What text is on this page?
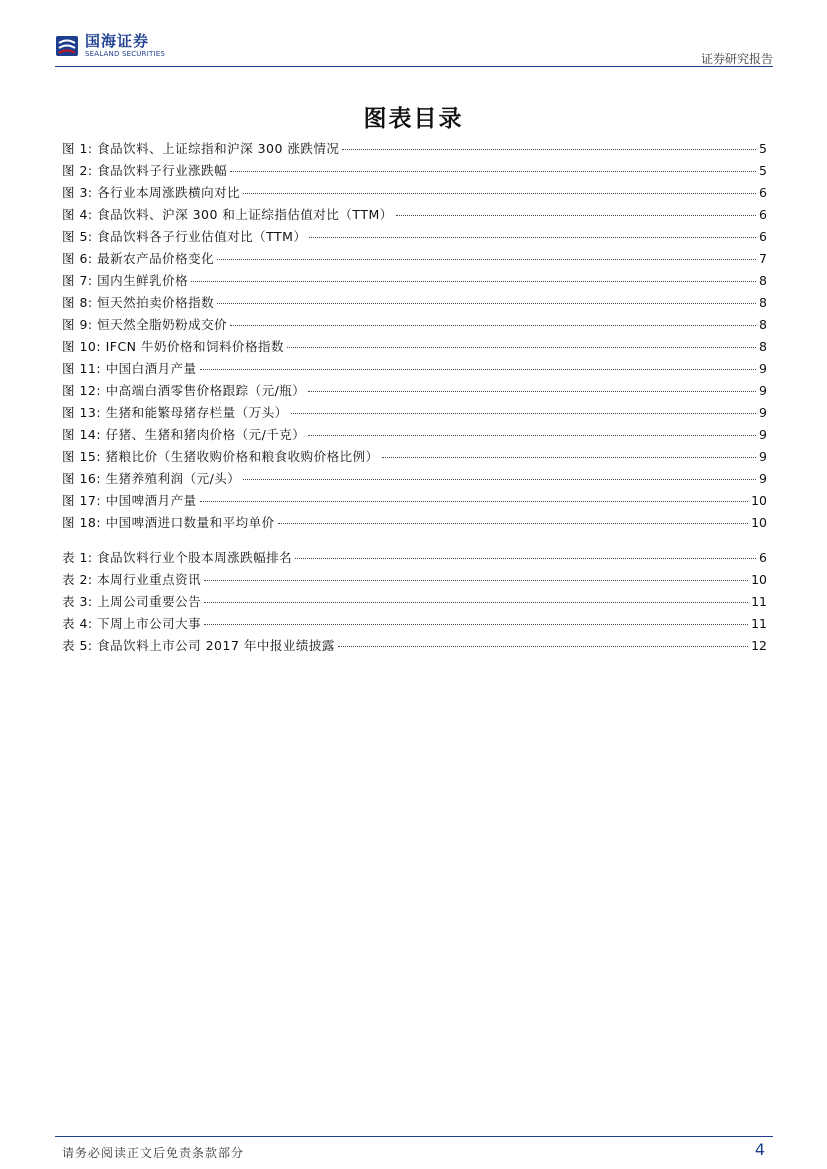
国海证券
SEALAND SECURITIES	证券研究报告
图表目录
图 1: 食品饮料、上证综指和沪深 300 涨跌情况	5
图 2: 食品饮料子行业涨跌幅	5
图 3: 各行业本周涨跌横向对比	6
图 4: 食品饮料、沪深 300 和上证综指估值对比（TTM）	6
图 5: 食品饮料各子行业估值对比（TTM）	6
图 6: 最新农产品价格变化	7
图 7: 国内生鲜乳价格	8
图 8: 恒天然拍卖价格指数	8
图 9: 恒天然全脂奶粉成交价	8
图 10: IFCN 牛奶价格和饲料价格指数	8
图 11: 中国白酒月产量	9
图 12: 中高端白酒零售价格跟踪（元/瓶）	9
图 13: 生猪和能繁母猪存栏量（万头）	9
图 14: 仔猪、生猪和猪肉价格（元/千克）	9
图 15: 猪粮比价（生猪收购价格和粮食收购价格比例）	9
图 16: 生猪养殖利润（元/头）	9
图 17: 中国啤酒月产量	10
图 18: 中国啤酒进口数量和平均单价	10
表 1: 食品饮料行业个股本周涨跌幅排名	6
表 2: 本周行业重点资讯	10
表 3: 上周公司重要公告	11
表 4: 下周上市公司大事	11
表 5: 食品饮料上市公司 2017 年中报业绩披露	12
请务必阅读正文后免责条款部分	4
